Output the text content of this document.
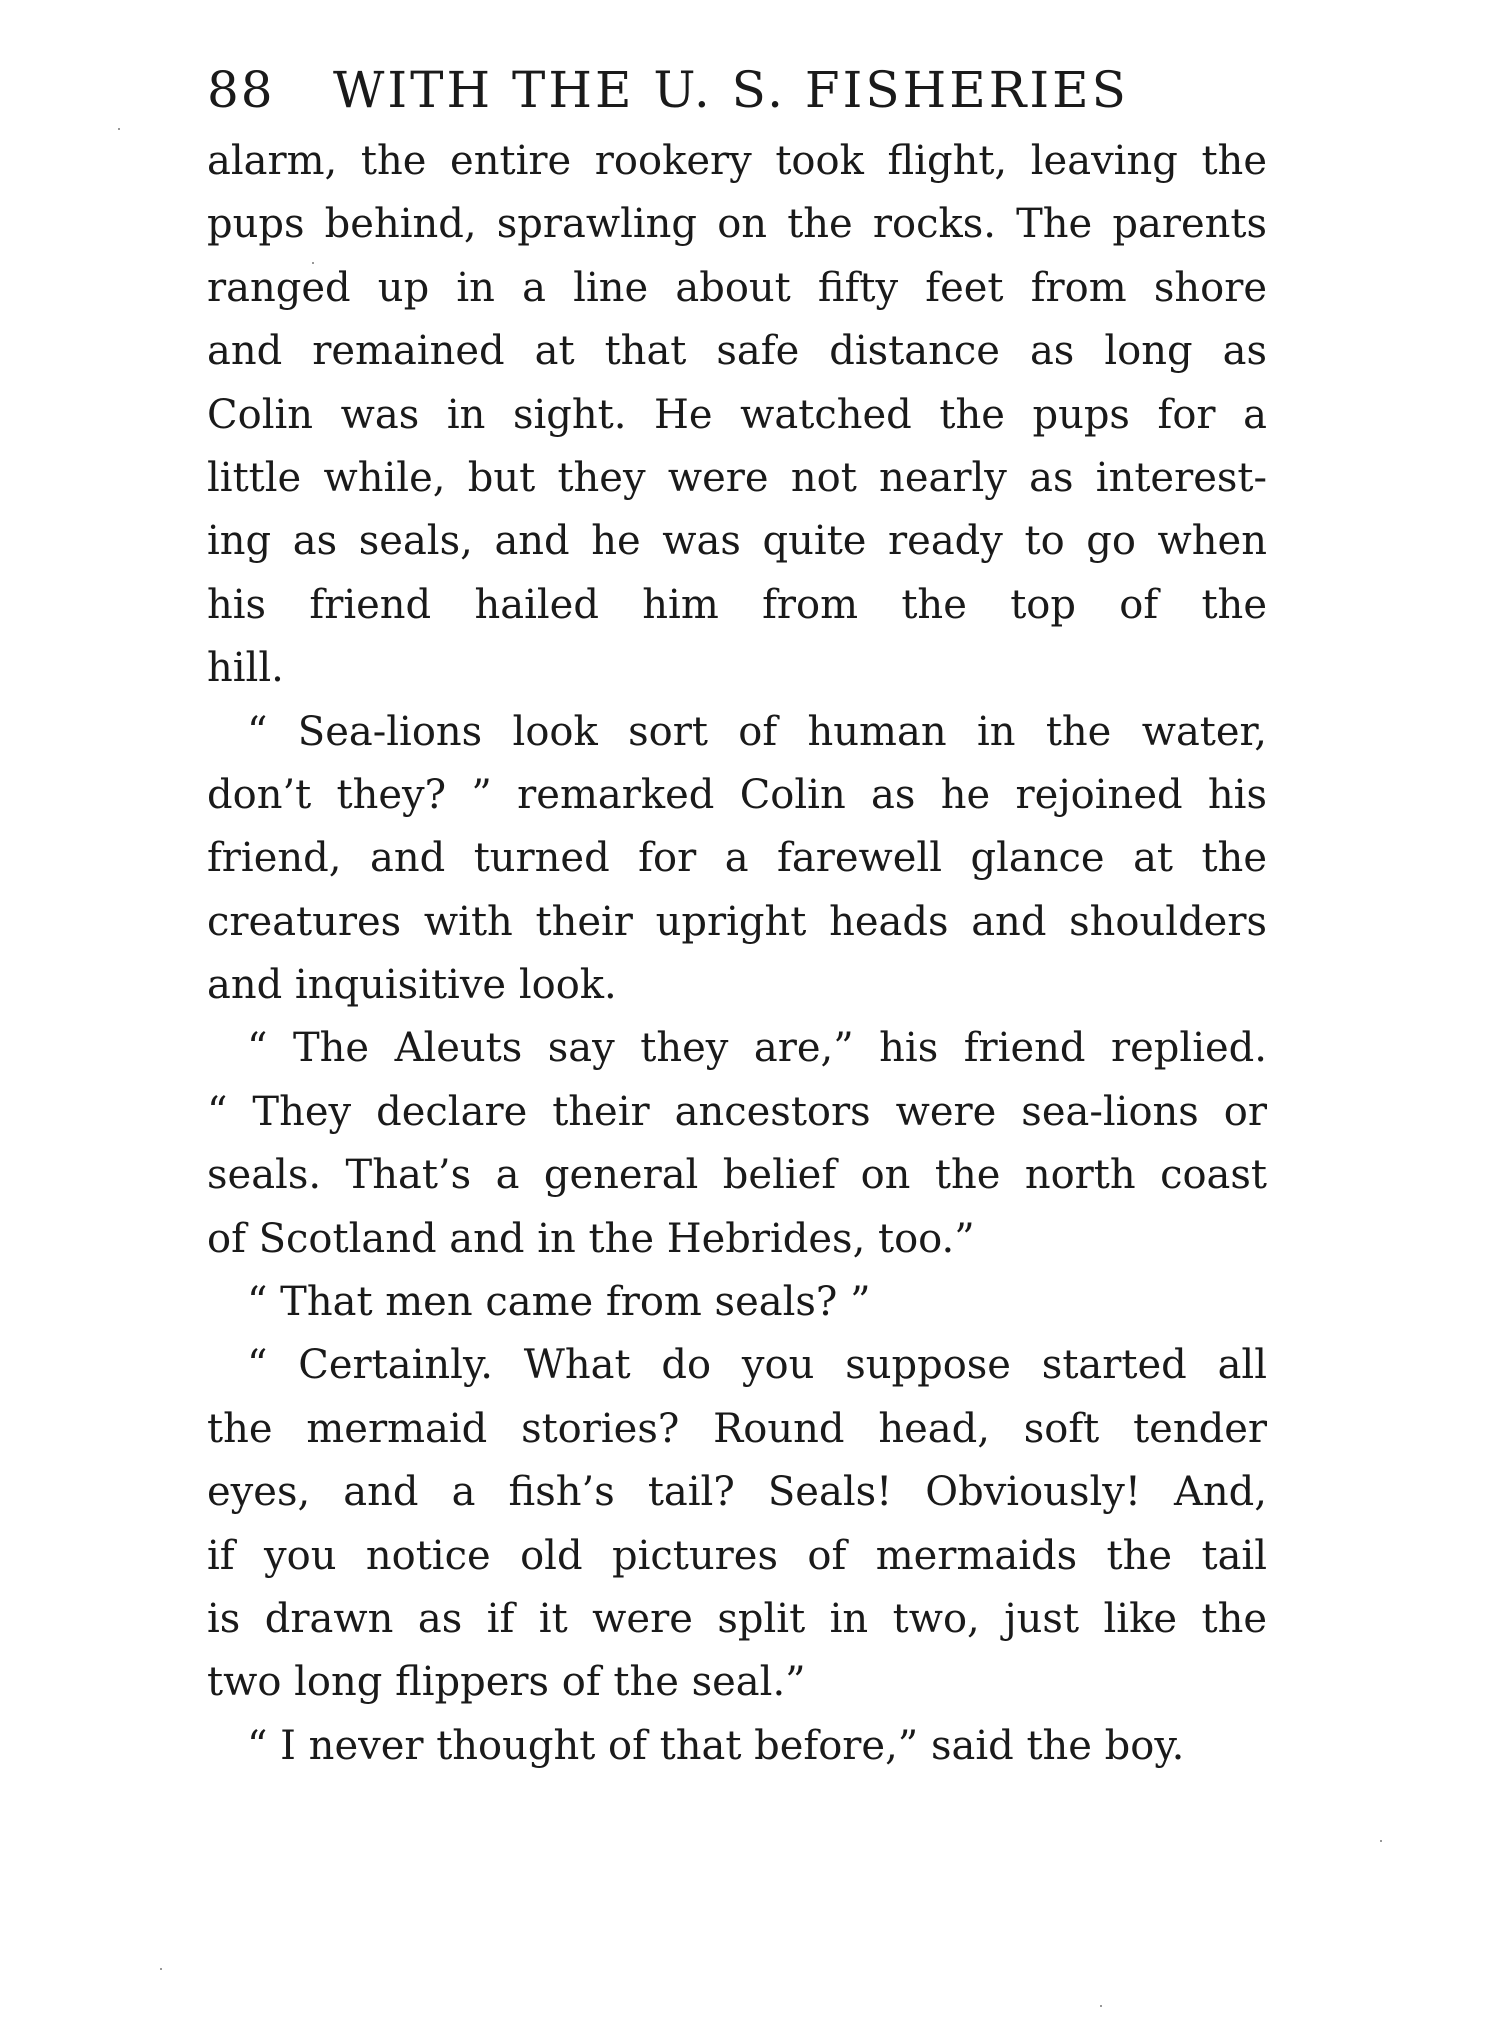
88 WITH THE U. S. FISHERIES
alarm, the entire rookery took flight, leaving the
pups behind, sprawling on the rocks. The parents
ranged up in a line about fifty feet from shore
and remained at that safe distance as long as
Colin was in sight. He watched the pups for a
little while, but they were not nearly as interest-
ing as seals, and he was quite ready to go when
his friend hailed him from the top of the
hill.
“ Sea-lions look sort of human in the water,
don’t they? ” remarked Colin as he rejoined his
friend, and turned for a farewell glance at the
creatures with their upright heads and shoulders
and inquisitive look.
“ The Aleuts say they are,” his friend replied.
“ They declare their ancestors were sea-lions or
seals. That’s a general belief on the north coast
of Scotland and in the Hebrides, too.”
“ That men came from seals? ”
“ Certainly. What do you suppose started all
the mermaid stories? Round head, soft tender
eyes, and a fish’s tail? Seals! Obviously! And,
if you notice old pictures of mermaids the tail
is drawn as if it were split in two, just like the
two long flippers of the seal.”
“ I never thought of that before,” said the boy.
